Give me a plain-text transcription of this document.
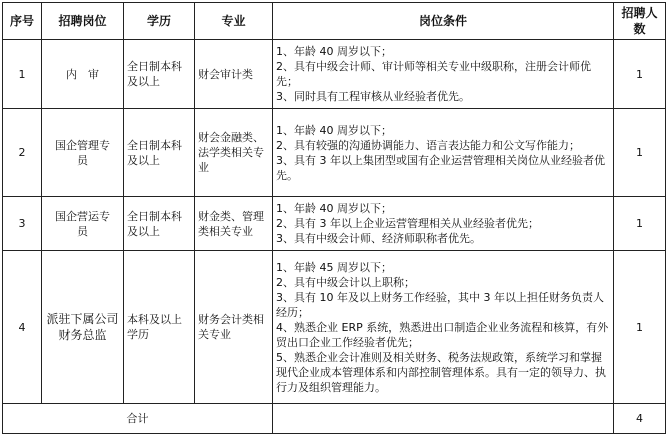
序号	招聘岗位	学历	专业	岗位条件	招聘人数
1	内　审	全日制本科及以上	财会审计类	1、年龄 40 周岁以下；

2、具有中级会计师、审计师等相关专业中级职称，注册会计师优先；

3、同时具有工程审核从业经验者优先。	1
2	国企管理专　员	全日制本科及以上	财会金融类、法学类相关专业	1、年龄 40 周岁以下；

2、具有较强的沟通协调能力、语言表达能力和公文写作能力；

3、具有 3 年以上集团型或国有企业运营管理相关岗位从业经验者优先。	1
3	国企营运专　员	全日制本科及以上	财金类、管理类相关专业	1、年龄 40 周岁以下；

2、具有 3 年以上企业运营管理相关从业经验者优先；

3、具有中级会计师、经济师职称者优先。	1
4	派驻下属公司财务总监	本科及以上学历	财务会计类相关专业	1、年龄 45 周岁以下；

2、具有中级会计以上职称；

3、具有 10 年及以上财务工作经验，其中 3 年以上担任财务负责人经历；

4、熟悉企业 ERP 系统，熟悉进出口制造企业业务流程和核算，有外贸出口企业工作经验者优先；

5、熟悉企业会计准则及相关财务、税务法规政策，系统学习和掌握现代企业成本管理体系和内部控制管理体系。具有一定的领导力、执行力及组织管理能力。	1
合计					4
